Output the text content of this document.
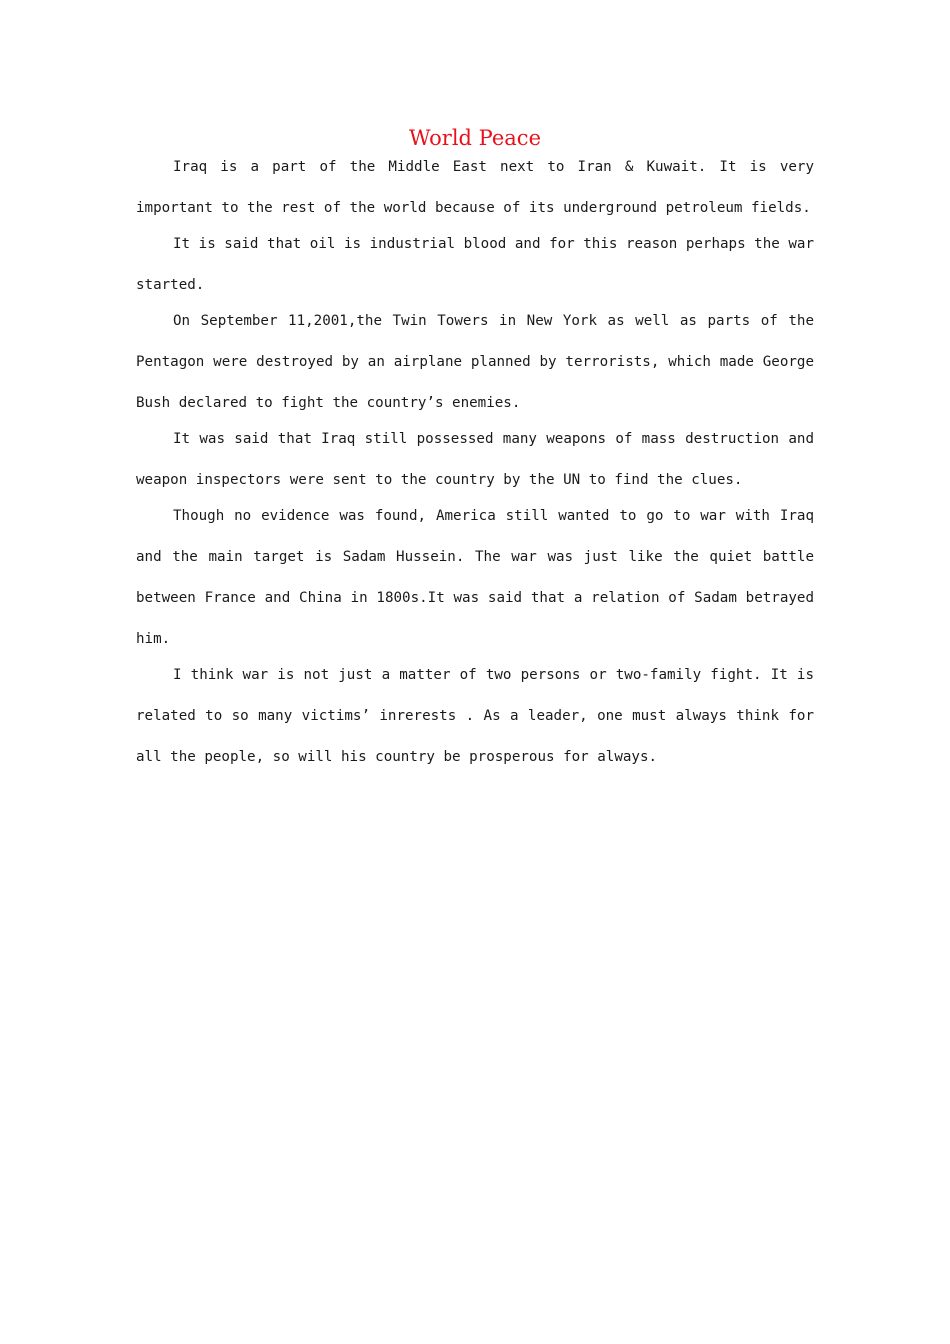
World Peace

Iraq is a part of the Middle East next to Iran & Kuwait. It is very important to the rest of the world because of its underground petroleum fields.

It is said that oil is industrial blood and for this reason perhaps the war started.

On September 11,2001,the Twin Towers in New York as well as parts of the Pentagon were destroyed by an airplane planned by terrorists, which made George Bush declared to fight the country’s enemies.

It was said that Iraq still possessed many weapons of mass destruction and weapon inspectors were sent to the country by the UN to find the clues.

Though no evidence was found, America still wanted to go to war with Iraq and the main target is Sadam Hussein. The war was just like the quiet battle between France and China in 1800s.It was said that a relation of Sadam betrayed him.

I think war is not just a matter of two persons or two-family fight. It is related to so many victims’ inrerests . As a leader, one must always think for all the people, so will his country be prosperous for always.
